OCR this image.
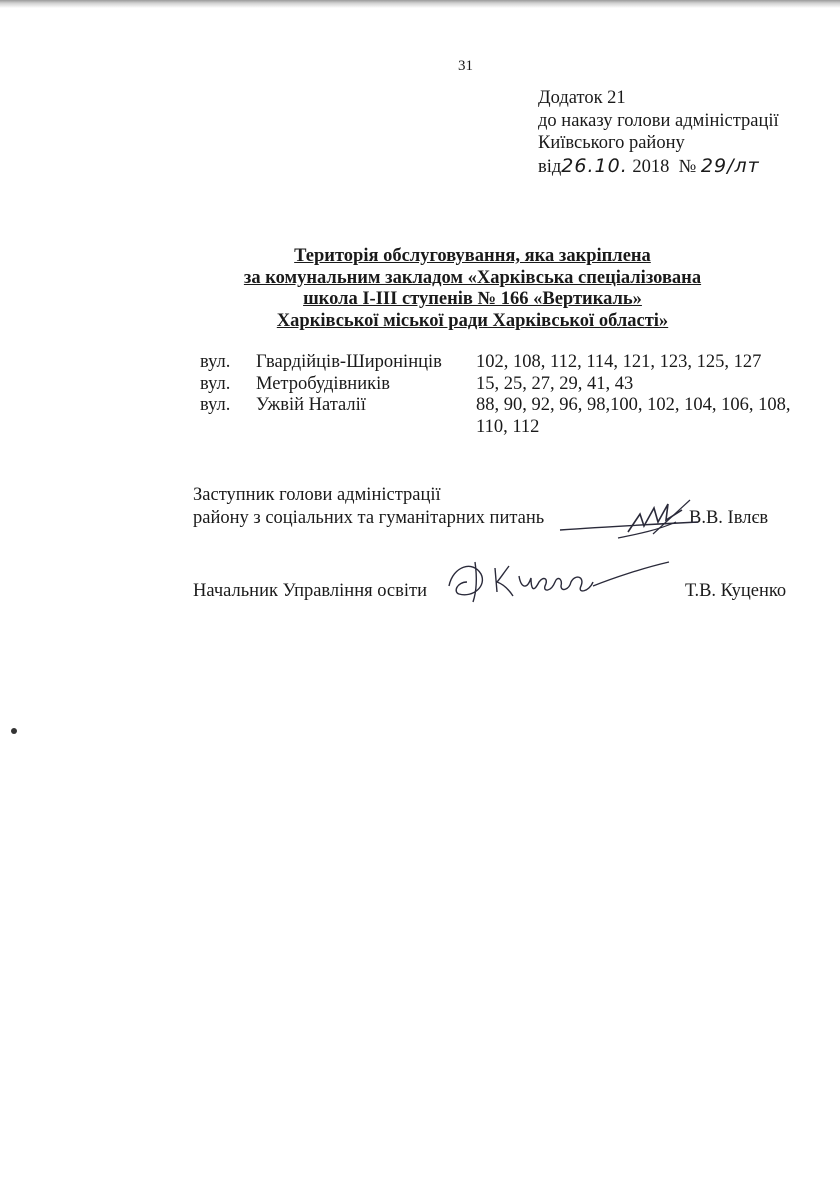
31
Додаток 21
до наказу голови адміністрації
Київського району
від26.10. 2018 № 29/лт
Територія обслуговування, яка закріплена
за комунальним закладом «Харківська спеціалізована
школа І-ІІІ ступенів № 166 «Вертикаль»
Харківської міської ради Харківської області»
вул. Гвардійців-Широнінців 102, 108, 112, 114, 121, 123, 125, 127
вул. Метробудівників	15, 25, 27, 29, 41, 43
вул. Ужвій Наталії	88, 90, 92, 96, 98,100, 102, 104, 106, 108, 110, 112
Заступник голови адміністрації
району з соціальних та гуманітарних питань	В.В. Івлєв
Начальник Управління освіти	Т.В. Куценко
